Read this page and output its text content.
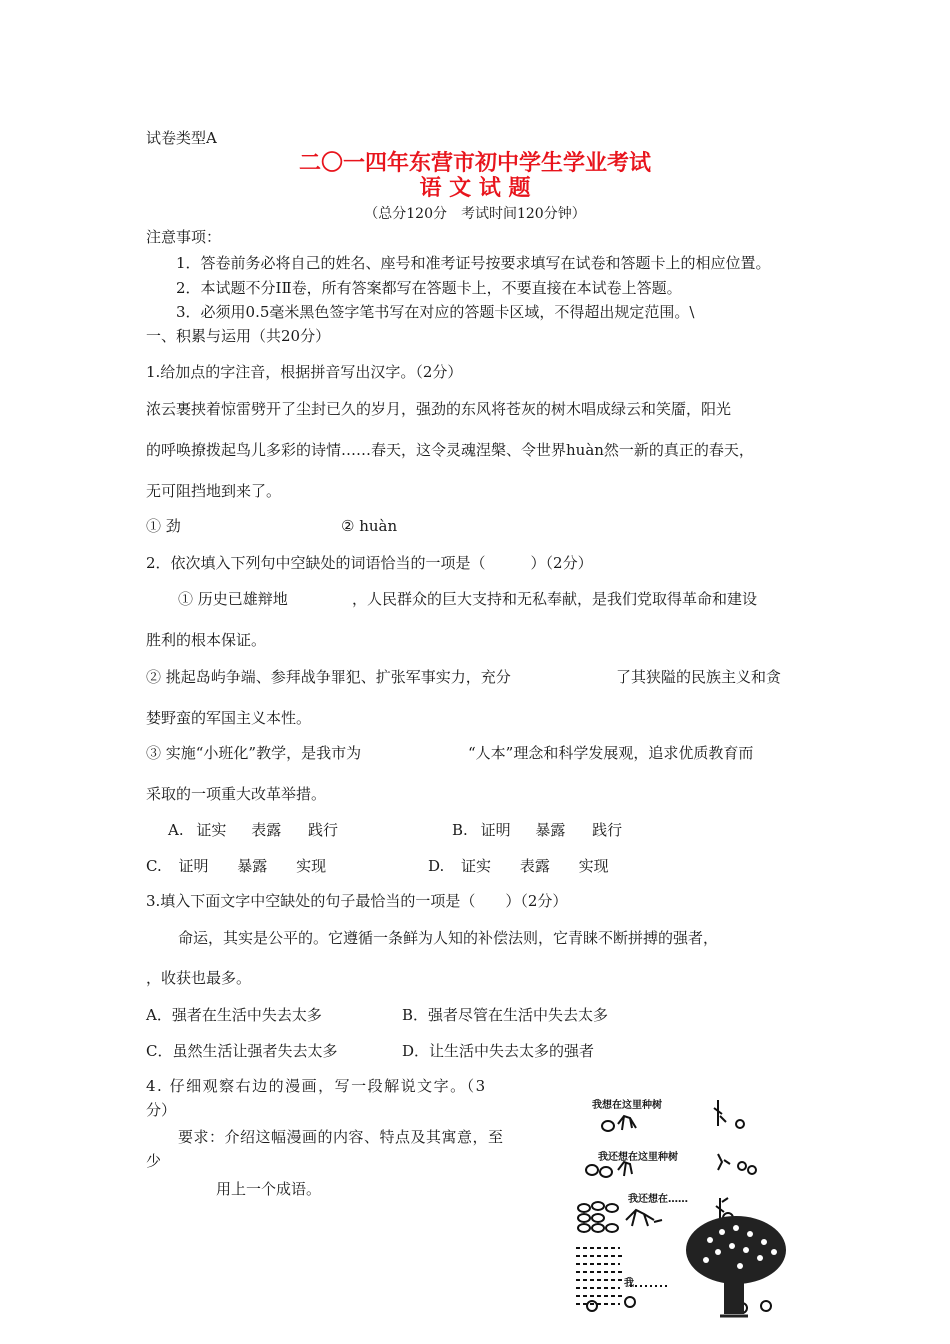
试卷类型A
二〇一四年东营市初中学生学业考试
语 文 试 题
（总分120分　考试时间120分钟）
注意事项：
1．答卷前务必将自己的姓名、座号和准考证号按要求填写在试卷和答题卡上的相应位置。
2．本试题不分ⅠⅡ卷，所有答案都写在答题卡上，不要直接在本试卷上答题。
3．必须用0.5毫米黑色签字笔书写在对应的答题卡区域，不得超出规定范围。\
一、积累与运用（共20分）
1.给加点的字注音，根据拼音写出汉字。（2分）
浓云裹挟着惊雷劈开了尘封已久的岁月，强劲的东风将苍灰的树木唱成绿云和笑靥，阳光
的呼唤撩拨起鸟儿多彩的诗情……春天，这令灵魂涅槃、令世界huàn然一新的真正的春天，
无可阻挡地到来了。
① 劲	② huàn
2．依次填入下列句中空缺处的词语恰当的一项是（　　　）（2分）
① 历史已雄辩地	，人民群众的巨大支持和无私奉献，是我们党取得革命和建设
胜利的根本保证。
② 挑起岛屿争端、参拜战争罪犯、扩张军事实力，充分	了其狭隘的民族主义和贪
婪野蛮的军国主义本性。
③ 实施“小班化”教学，是我市为	“人本”理念和科学发展观，追求优质教育而
采取的一项重大改革举措。
A. 证实 表露 践行	B. 证明 暴露 践行
C. 证明 暴露 实现	D. 证实 表露 实现
3.填入下面文字中空缺处的句子最恰当的一项是（　　）（2分）
命运，其实是公平的。它遵循一条鲜为人知的补偿法则，它青睐不断拼搏的强者，
，收获也最多。
A．强者在生活中失去太多	B．强者尽管在生活中失去太多
C．虽然生活让强者失去太多	D．让生活中失去太多的强者
4. 仔细观察右边的漫画，写一段解说文字。（3
分）
要求：介绍这幅漫画的内容、特点及其寓意，至
少
用上一个成语。
我想在这里种树
我还想在这里种树
我还想在……
我
